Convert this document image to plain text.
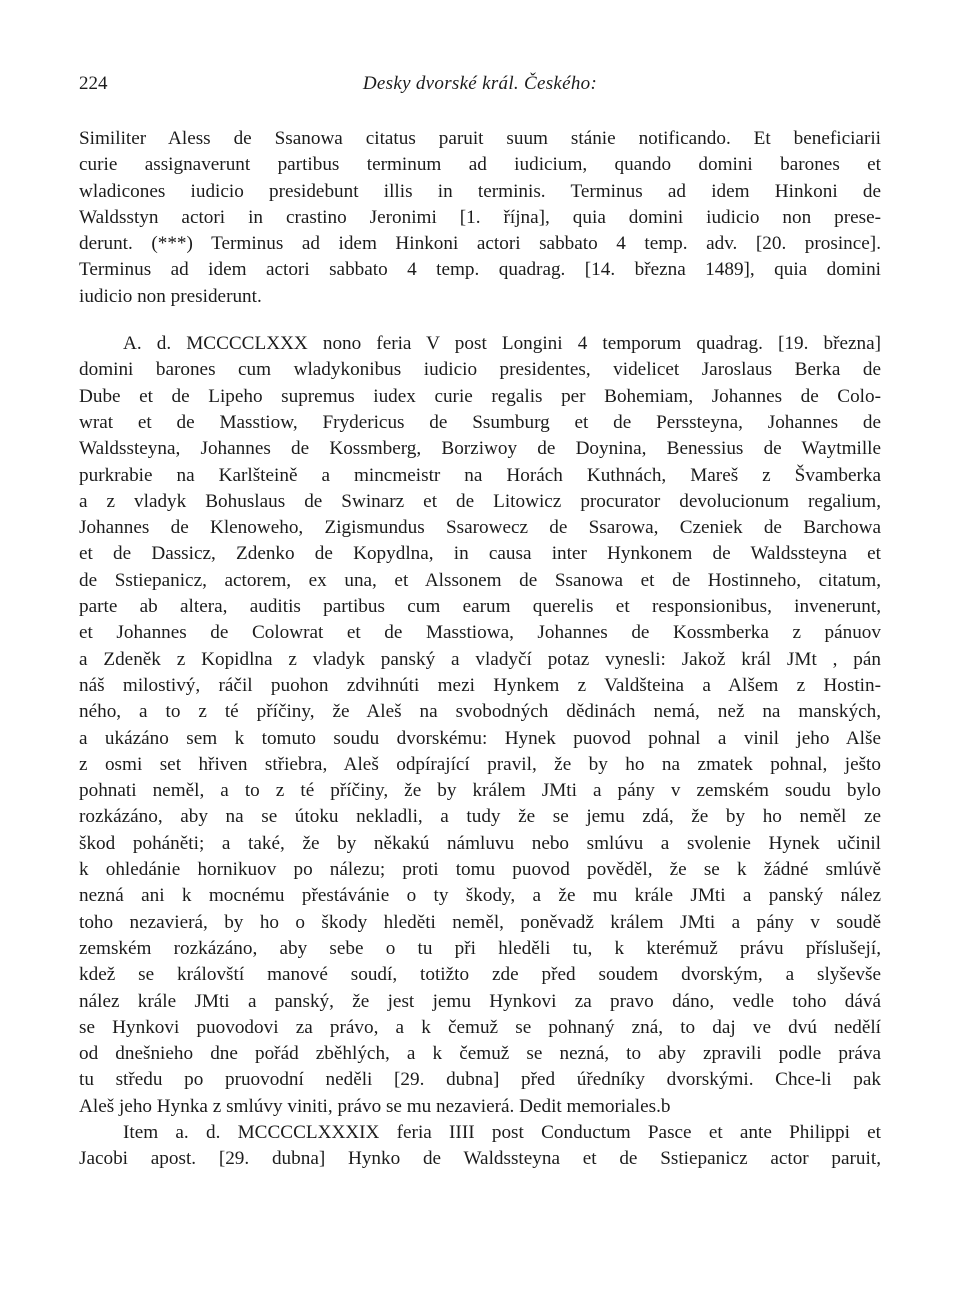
224	Desky dvorské král. Českého:
Similiter Aless de Ssanowa citatus paruit suum stánie notificando. Et beneficiarii
curie assignaverunt partibus terminum ad iudicium, quando domini barones et
wladicones iudicio presidebunt illis in terminis. Terminus ad idem Hinkoni de
Waldsstyn actori in crastino Jeronimi [1. října], quia domini iudicio non prese-
derunt. (***) Terminus ad idem Hinkoni actori sabbato 4 temp. adv. [20. prosince].
Terminus ad idem actori sabbato 4 temp. quadrag. [14. března 1489], quia domini
iudicio non presiderunt.
A. d. MCCCCLXXX nono feria V post Longini 4 temporum quadrag. [19. března]
domini barones cum wladykonibus iudicio presidentes, videlicet Jaroslaus Berka de
Dube et de Lipeho supremus iudex curie regalis per Bohemiam, Johannes de Colo-
wrat et de Masstiow, Frydericus de Ssumburg et de Perssteyna, Johannes de
Waldssteyna, Johannes de Kossmberg, Borziwoy de Doynina, Benessius de Waytmille
purkrabie na Karlšteině a mincmeistr na Horách Kuthnách, Mareš z Švamberka
a z vladyk Bohuslaus de Swinarz et de Litowicz procurator devolucionum regalium,
Johannes de Klenoweho, Zigismundus Ssarowecz de Ssarowa, Czeniek de Barchowa
et de Dassicz, Zdenko de Kopydlna, in causa inter Hynkonem de Waldssteyna et
de Sstiepanicz, actorem, ex una, et Alssonem de Ssanowa et de Hostinneho, citatum,
parte ab altera, auditis partibus cum earum querelis et responsionibus, invenerunt,
et Johannes de Colowrat et de Masstiowa, Johannes de Kossmberka z pánuov
a Zdeněk z Kopidlna z vladyk panský a vladyčí potaz vynesli: Jakož král JMt , pán
náš milostivý, ráčil puohon zdvihnúti mezi Hynkem z Valdšteina a Alšem z Hostin-
ného, a to z té příčiny, že Aleš na svobodných dědinách nemá, než na manských,
a ukázáno sem k tomuto soudu dvorskému: Hynek puovod pohnal a vinil jeho Alše
z osmi set hřiven střiebra, Aleš odpírající pravil, že by ho na zmatek pohnal, ješto
pohnati neměl, a to z té příčiny, že by králem JMti a pány v zemském soudu bylo
rozkázáno, aby na se útoku nekladli, a tudy že se jemu zdá, že by ho neměl ze
škod poháněti; a také, že by někakú námluvu nebo smlúvu a svolenie Hynek učinil
k ohledánie hornikuov po nálezu; proti tomu puovod pověděl, že se k žádné smlúvě
nezná ani k mocnému přestávánie o ty škody, a že mu krále JMti a panský nález
toho nezavierá, by ho o škody hleděti neměl, poněvadž králem JMti a pány v soudě
zemském rozkázáno, aby sebe o tu při hleděli tu, k kterémuž právu příslušejí,
kdež se královští manové soudí, totižto zde před soudem dvorským, a slyševše
nález krále JMti a panský, že jest jemu Hynkovi za pravo dáno, vedle toho dává
se Hynkovi puovodovi za právo, a k čemuž se pohnaný zná, to daj ve dvú nedělí
od dnešnieho dne pořád zběhlých, a k čemuž se nezná, to aby zpravili podle práva
tu středu po pruovodní neděli [29. dubna] před úředníky dvorskými. Chce-li pak
Aleš jeho Hynka z smlúvy viniti, právo se mu nezavierá. Dedit memoriales.b
Item a. d. MCCCCLXXXIX feria IIII post Conductum Pasce et ante Philippi et
Jacobi apost. [29. dubna] Hynko de Waldssteyna et de Sstiepanicz actor paruit,
